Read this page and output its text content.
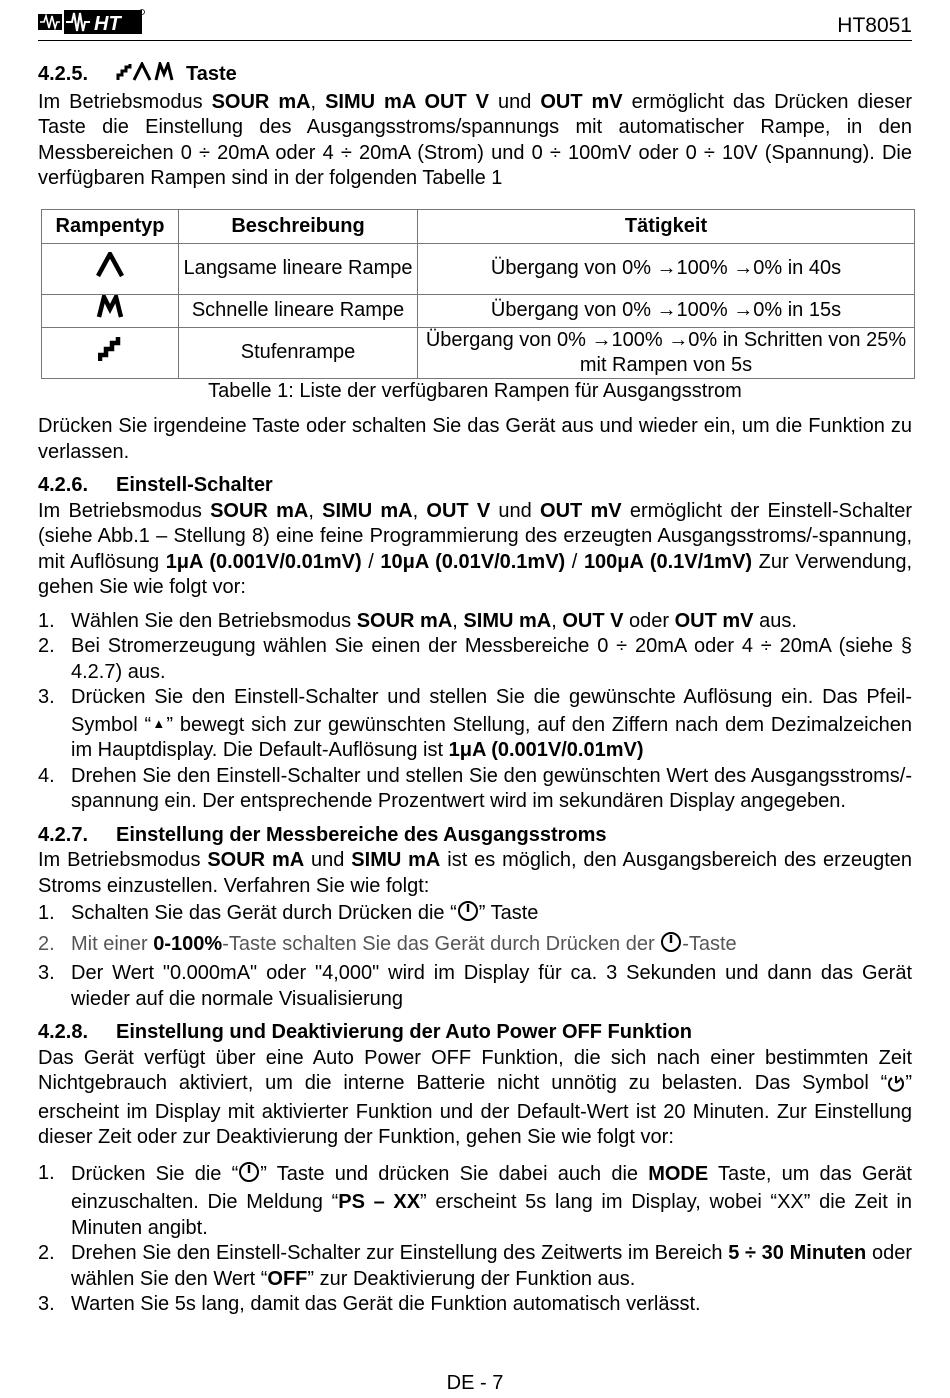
HT	HT8051
4.2.5.	Taste

Im Betriebsmodus SOUR mA, SIMU mA OUT V und OUT mV ermöglicht das Drücken dieser Taste die Einstellung des Ausgangsstroms/spannungs mit automatischer Rampe, in den Messbereichen 0 ÷ 20mA oder 4 ÷ 20mA (Strom) und 0 ÷ 100mV oder 0 ÷ 10V (Spannung). Die verfügbaren Rampen sind in der folgenden Tabelle 1

Rampentyp	Beschreibung	Tätigkeit
	Langsame lineare Rampe	Übergang von 0% →100% →0% in 40s
	Schnelle lineare Rampe	Übergang von 0% →100% →0% in 15s
	Stufenrampe	Übergang von 0% →100% →0% in Schritten von 25% mit Rampen von 5s

Tabelle 1: Liste der verfügbaren Rampen für Ausgangsstrom

Drücken Sie irgendeine Taste oder schalten Sie das Gerät aus und wieder ein, um die Funktion zu verlassen.

4.2.6. Einstell-Schalter

Im Betriebsmodus SOUR mA, SIMU mA, OUT V und OUT mV ermöglicht der Einstell-Schalter (siehe Abb.1 – Stellung 8) eine feine Programmierung des erzeugten Ausgangsstroms/-spannung, mit Auflösung 1μA (0.001V/0.01mV) / 10μA (0.01V/0.1mV) / 100μA (0.1V/1mV) Zur Verwendung, gehen Sie wie folgt vor:

1. Wählen Sie den Betriebsmodus SOUR mA, SIMU mA, OUT V oder OUT mV aus.
2. Bei Stromerzeugung wählen Sie einen der Messbereiche 0 ÷ 20mA oder 4 ÷ 20mA (siehe § 4.2.7) aus.
3. Drücken Sie den Einstell-Schalter und stellen Sie die gewünschte Auflösung ein. Das Pfeil-Symbol “▲” bewegt sich zur gewünschten Stellung, auf den Ziffern nach dem Dezimalzeichen im Hauptdisplay. Die Default-Auflösung ist 1μA (0.001V/0.01mV)
4. Drehen Sie den Einstell-Schalter und stellen Sie den gewünschten Wert des Ausgangsstroms/-spannung ein. Der entsprechende Prozentwert wird im sekundären Display angegeben.
4.2.7. Einstellung der Messbereiche des Ausgangsstroms

Im Betriebsmodus SOUR mA und SIMU mA ist es möglich, den Ausgangsbereich des erzeugten Stroms einzustellen. Verfahren Sie wie folgt:

1. Schalten Sie das Gerät durch Drücken die “ ” Taste
2. Mit einer 0-100%-Taste schalten Sie das Gerät durch Drücken der -Taste
3. Der Wert "0.000mA" oder "4,000" wird im Display für ca. 3 Sekunden und dann das Gerät wieder auf die normale Visualisierung
4.2.8. Einstellung und Deaktivierung der Auto Power OFF Funktion

Das Gerät verfügt über eine Auto Power OFF Funktion, die sich nach einer bestimmten Zeit Nichtgebrauch aktiviert, um die interne Batterie nicht unnötig zu belasten. Das Symbol “ ” erscheint im Display mit aktivierter Funktion und der Default-Wert ist 20 Minuten. Zur Einstellung dieser Zeit oder zur Deaktivierung der Funktion, gehen Sie wie folgt vor:

1. Drücken Sie die “ ” Taste und drücken Sie dabei auch die MODE Taste, um das Gerät einzuschalten. Die Meldung “PS – XX” erscheint 5s lang im Display, wobei “XX” die Zeit in Minuten angibt.
2. Drehen Sie den Einstell-Schalter zur Einstellung des Zeitwerts im Bereich 5 ÷ 30 Minuten oder wählen Sie den Wert “OFF” zur Deaktivierung der Funktion aus.
3. Warten Sie 5s lang, damit das Gerät die Funktion automatisch verlässt.
DE - 7
